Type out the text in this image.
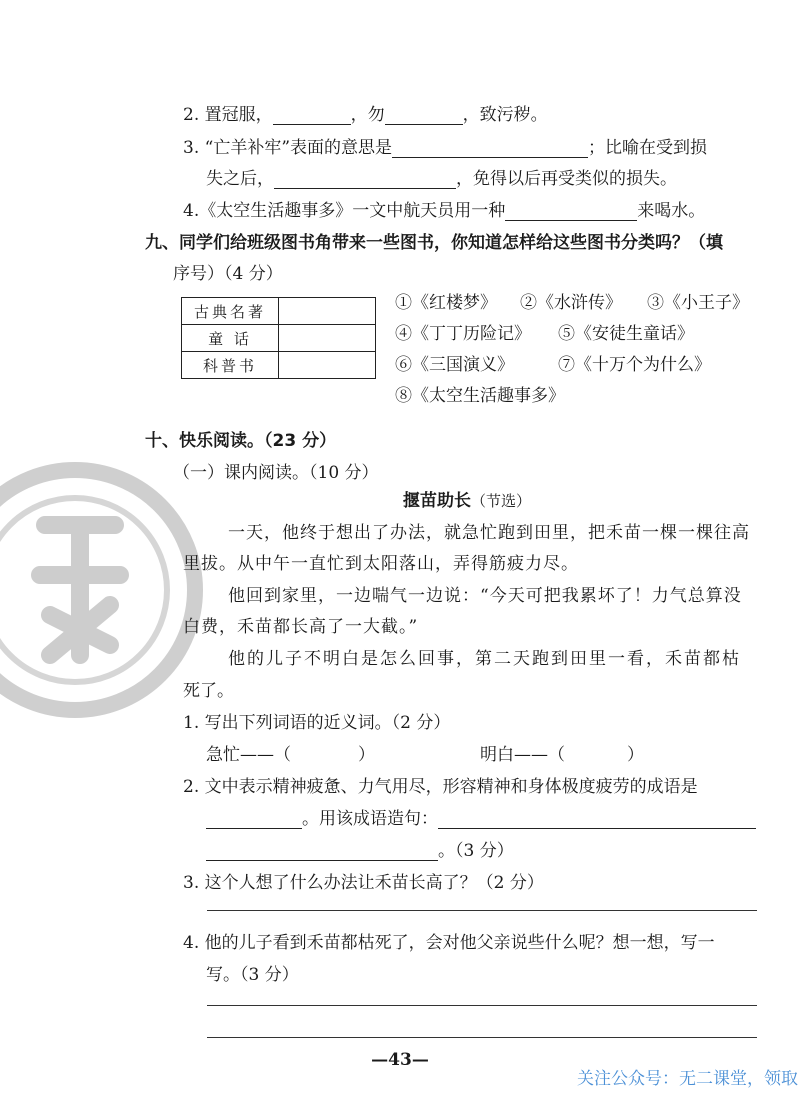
2. 置冠服，	，勿	，致污秽。
3. “亡羊补牢”表面的意思是	；比喻在受到损
失之后，	，免得以后再受类似的损失。
4.《太空生活趣事多》一文中航天员用一种	来喝水。
九、同学们给班级图书角带来一些图书，你知道怎样给这些图书分类吗？（填
序号）（4 分）
古典名著	
童 话	
科普书	
①《红楼梦》 ②《水浒传》 ③《小王子》
④《丁丁历险记》 ⑤《安徒生童话》
⑥《三国演义》	⑦《十万个为什么》
⑧《太空生活趣事多》
十、快乐阅读。（23 分）
（一）课内阅读。（10 分）
揠苗助长（节选）
一天，他终于想出了办法，就急忙跑到田里，把禾苗一棵一棵往高
里拔。从中午一直忙到太阳落山，弄得筋疲力尽。
他回到家里，一边喘气一边说：“今天可把我累坏了！力气总算没
白费，禾苗都长高了一大截。”
他的儿子不明白是怎么回事，第二天跑到田里一看，禾苗都枯
死了。
1. 写出下列词语的近义词。（2 分）
急忙——（	）	明白——（	）
2. 文中表示精神疲惫、力气用尽，形容精神和身体极度疲劳的成语是
。用该成语造句：
。（3 分）
3. 这个人想了什么办法让禾苗长高了？（2 分）
4. 他的儿子看到禾苗都枯死了，会对他父亲说些什么呢？想一想，写一
写。（3 分）
—43—
关注公众号：无二课堂，领取
